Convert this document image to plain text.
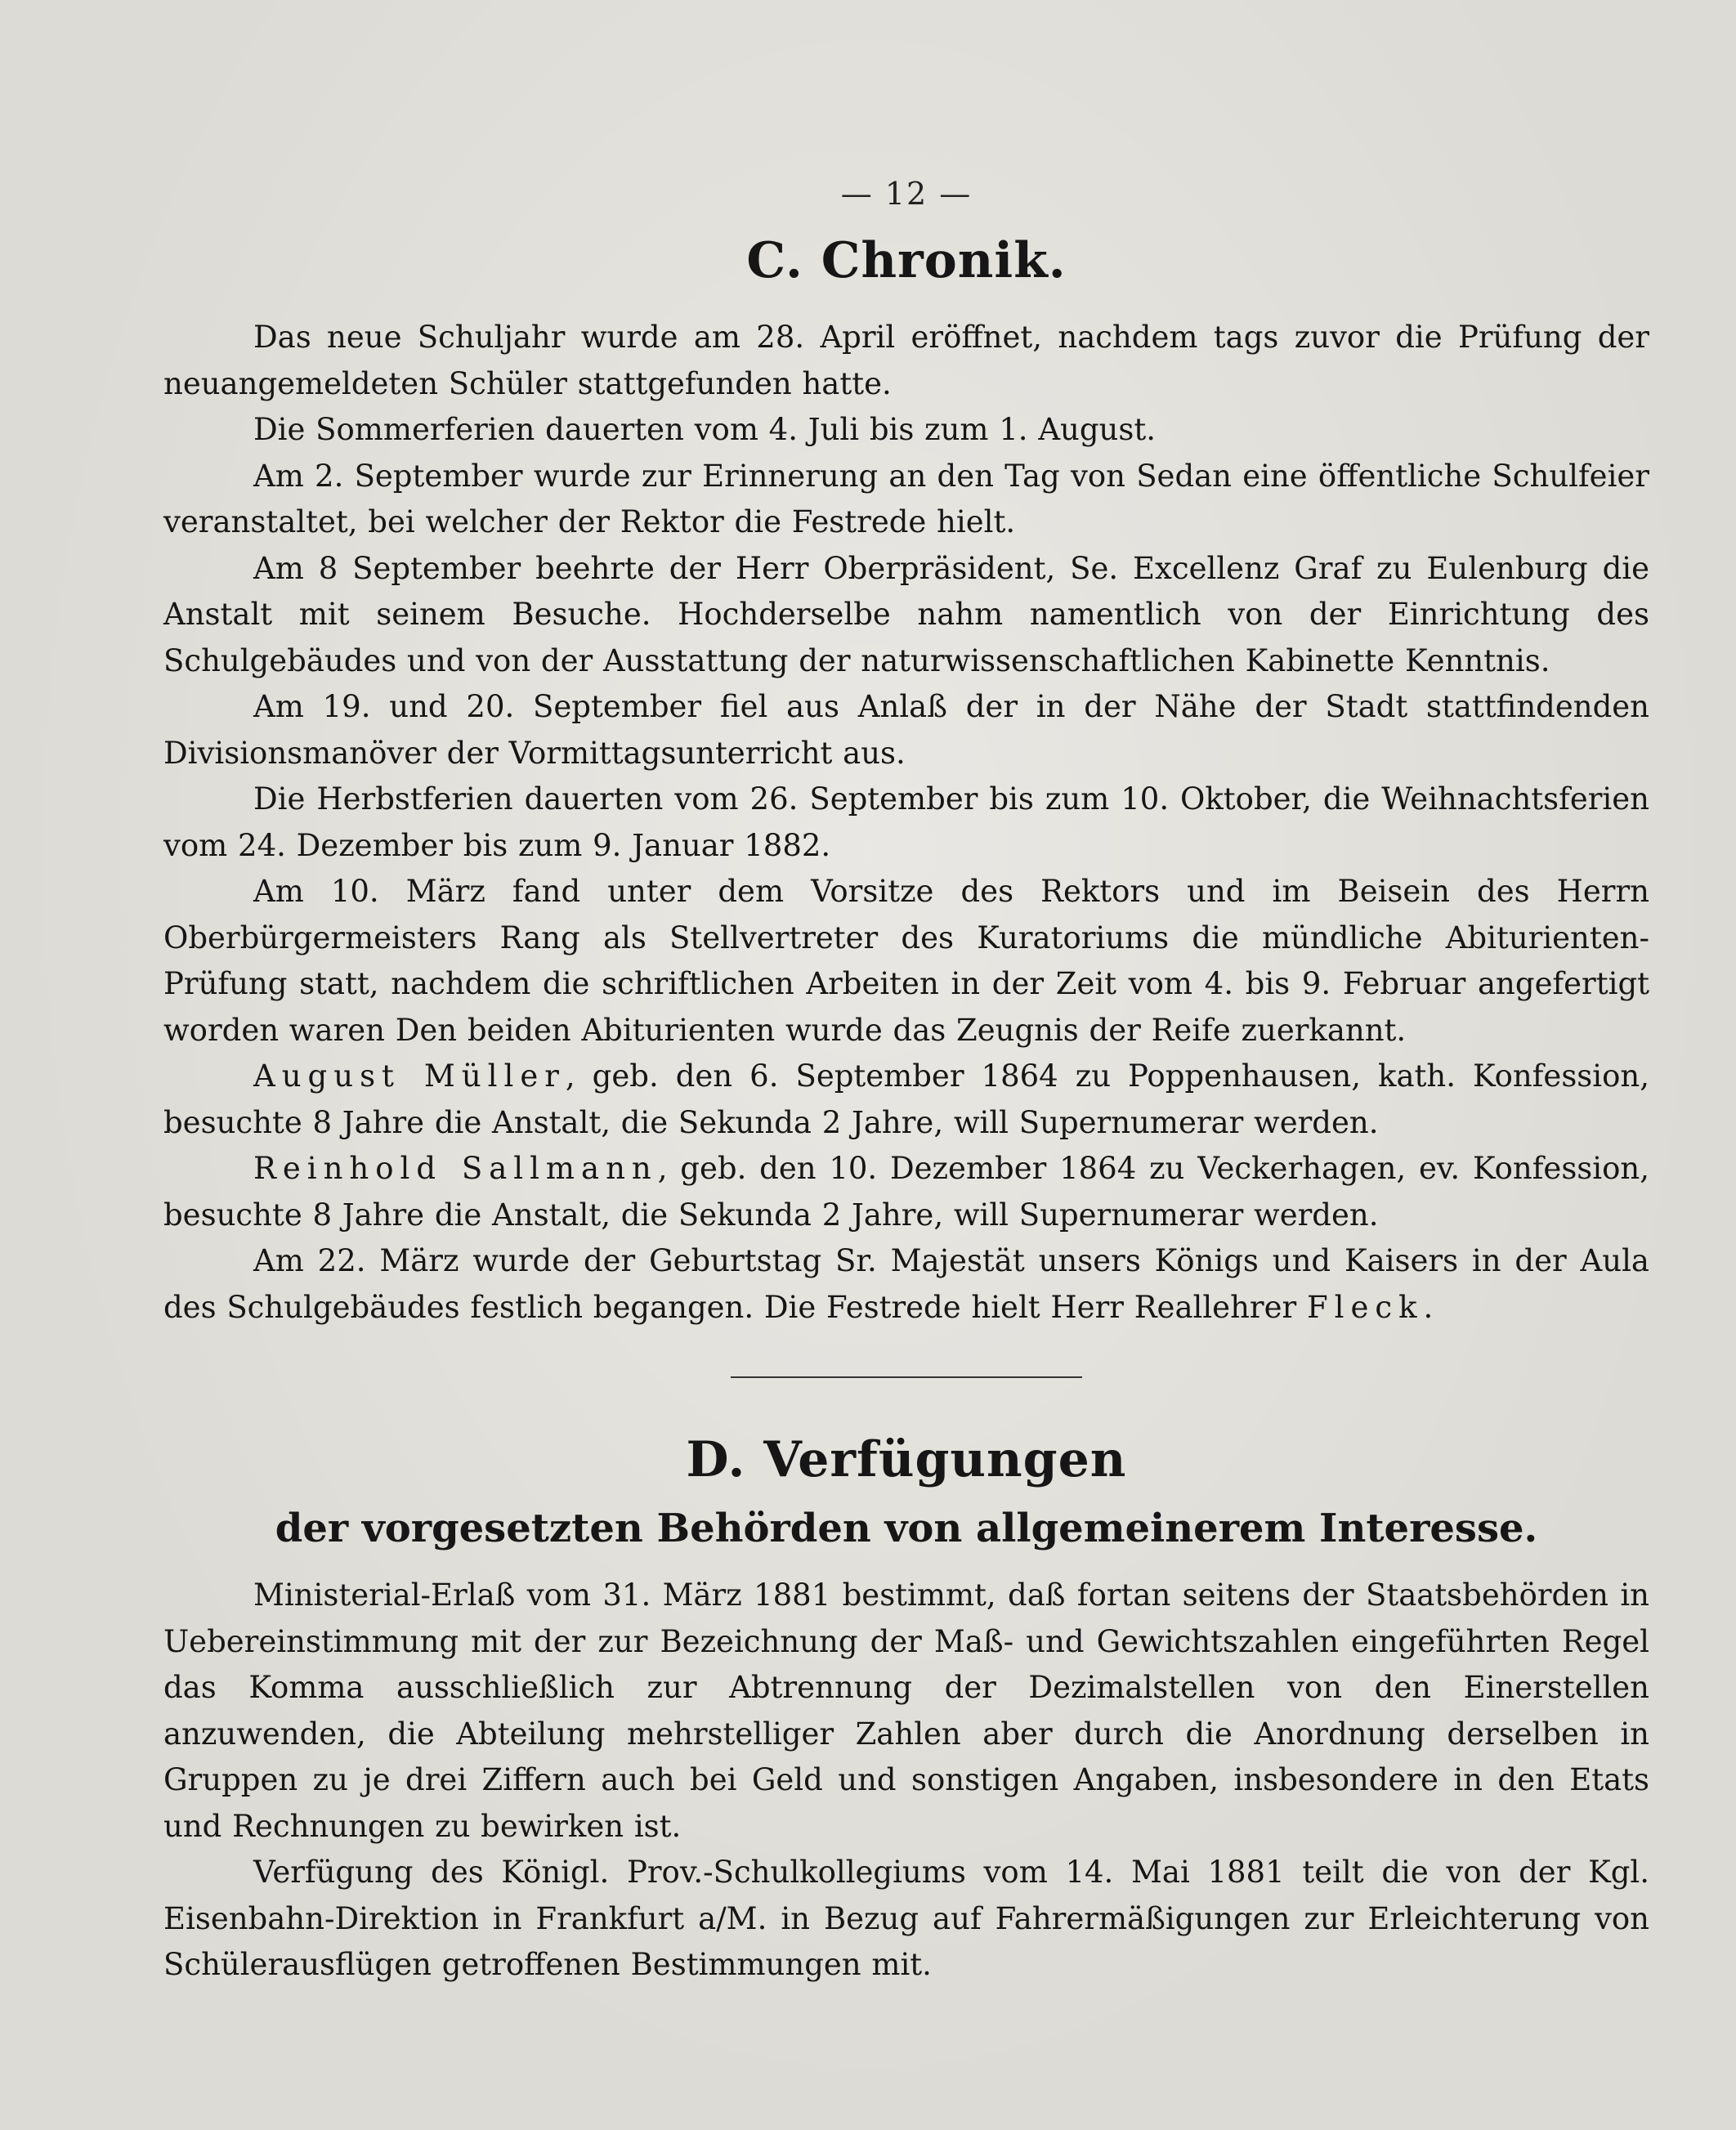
— 12 —
C. Chronik.

Das neue Schuljahr wurde am 28. April eröffnet, nachdem tags zuvor die Prüfung der neuangemeldeten Schüler stattgefunden hatte.

Die Sommerferien dauerten vom 4. Juli bis zum 1. August.

Am 2. September wurde zur Erinnerung an den Tag von Sedan eine öffentliche Schulfeier veranstaltet, bei welcher der Rektor die Festrede hielt.

Am 8 September beehrte der Herr Oberpräsident, Se. Excellenz Graf zu Eulenburg die Anstalt mit seinem Besuche. Hochderselbe nahm namentlich von der Einrichtung des Schulgebäudes und von der Ausstattung der naturwissenschaftlichen Kabinette Kenntnis.

Am 19. und 20. September fiel aus Anlaß der in der Nähe der Stadt stattfindenden Divisionsmanöver der Vormittagsunterricht aus.

Die Herbstferien dauerten vom 26. September bis zum 10. Oktober, die Weihnachtsferien vom 24. Dezember bis zum 9. Januar 1882.

Am 10. März fand unter dem Vorsitze des Rektors und im Beisein des Herrn Oberbürgermeisters Rang als Stellvertreter des Kuratoriums die mündliche Abiturienten-Prüfung statt, nachdem die schriftlichen Arbeiten in der Zeit vom 4. bis 9. Februar angefertigt worden waren Den beiden Abiturienten wurde das Zeugnis der Reife zuerkannt.

August Müller, geb. den 6. September 1864 zu Poppenhausen, kath. Konfession, besuchte 8 Jahre die Anstalt, die Sekunda 2 Jahre, will Supernumerar werden.

Reinhold Sallmann, geb. den 10. Dezember 1864 zu Veckerhagen, ev. Konfession, besuchte 8 Jahre die Anstalt, die Sekunda 2 Jahre, will Supernumerar werden.

Am 22. März wurde der Geburtstag Sr. Majestät unsers Königs und Kaisers in der Aula des Schulgebäudes festlich begangen. Die Festrede hielt Herr Reallehrer Fleck.

D. Verfügungen
der vorgesetzten Behörden von allgemeinerem Interesse.

Ministerial-Erlaß vom 31. März 1881 bestimmt, daß fortan seitens der Staatsbehörden in Uebereinstimmung mit der zur Bezeichnung der Maß- und Gewichtszahlen eingeführten Regel das Komma ausschließlich zur Abtrennung der Dezimalstellen von den Einerstellen anzuwenden, die Abteilung mehrstelliger Zahlen aber durch die Anordnung derselben in Gruppen zu je drei Ziffern auch bei Geld und sonstigen Angaben, insbesondere in den Etats und Rechnungen zu bewirken ist.

Verfügung des Königl. Prov.-Schulkollegiums vom 14. Mai 1881 teilt die von der Kgl. Eisenbahn-Direktion in Frankfurt a/M. in Bezug auf Fahrermäßigungen zur Erleichterung von Schülerausflügen getroffenen Bestimmungen mit.
